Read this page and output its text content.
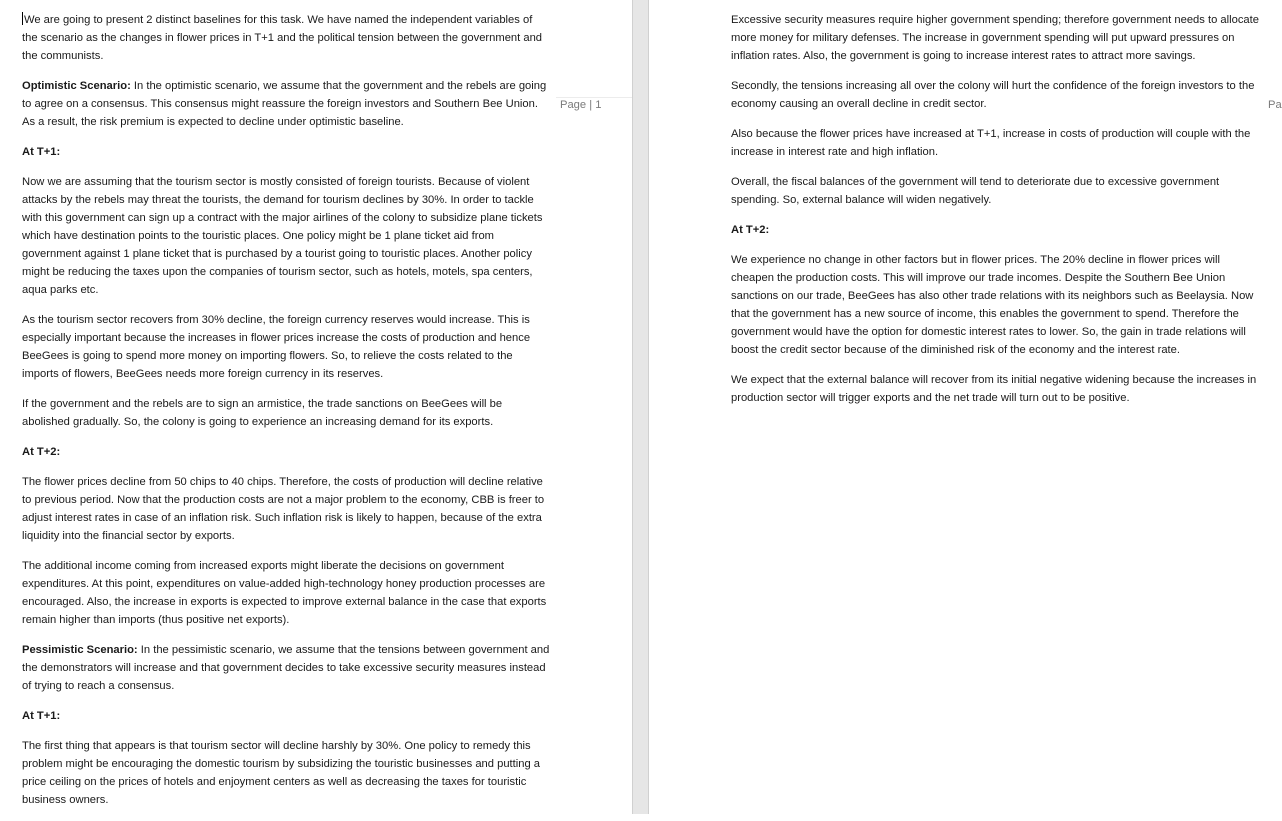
We are going to present 2 distinct baselines for this task. We have named the independent variables of the scenario as the changes in flower prices in T+1 and the political tension between the government and the communists.

Optimistic Scenario: In the optimistic scenario, we assume that the government and the rebels are going to agree on a consensus. This consensus might reassure the foreign investors and Southern Bee Union. As a result, the risk premium is expected to decline under optimistic baseline.

At T+1:

Now we are assuming that the tourism sector is mostly consisted of foreign tourists. Because of violent attacks by the rebels may threat the tourists, the demand for tourism declines by 30%. In order to tackle with this government can sign up a contract with the major airlines of the colony to subsidize plane tickets which have destination points to the touristic places. One policy might be 1 plane ticket aid from government against 1 plane ticket that is purchased by a tourist going to touristic places. Another policy might be reducing the taxes upon the companies of tourism sector, such as hotels, motels, spa centers, aqua parks etc.

As the tourism sector recovers from 30% decline, the foreign currency reserves would increase. This is especially important because the increases in flower prices increase the costs of production and hence BeeGees is going to spend more money on importing flowers. So, to relieve the costs related to the imports of flowers, BeeGees needs more foreign currency in its reserves.

If the government and the rebels are to sign an armistice, the trade sanctions on BeeGees will be abolished gradually. So, the colony is going to experience an increasing demand for its exports.

At T+2:

The flower prices decline from 50 chips to 40 chips. Therefore, the costs of production will decline relative to previous period. Now that the production costs are not a major problem to the economy, CBB is freer to adjust interest rates in case of an inflation risk. Such inflation risk is likely to happen, because of the extra liquidity into the financial sector by exports.

The additional income coming from increased exports might liberate the decisions on government expenditures. At this point, expenditures on value-added high-technology honey production processes are encouraged. Also, the increase in exports is expected to improve external balance in the case that exports remain higher than imports (thus positive net exports).

Pessimistic Scenario: In the pessimistic scenario, we assume that the tensions between government and the demonstrators will increase and that government decides to take excessive security measures instead of trying to reach a consensus.

At T+1:

The first thing that appears is that tourism sector will decline harshly by 30%. One policy to remedy this problem might be encouraging the domestic tourism by subsidizing the touristic businesses and putting a price ceiling on the prices of hotels and enjoyment centers as well as decreasing the taxes for touristic business owners.

Page | 1

Excessive security measures require higher government spending; therefore government needs to allocate more money for military defenses. The increase in government spending will put upward pressures on inflation rates. Also, the government is going to increase interest rates to attract more savings.

Secondly, the tensions increasing all over the colony will hurt the confidence of the foreign investors to the economy causing an overall decline in credit sector.

Also because the flower prices have increased at T+1, increase in costs of production will couple with the increase in interest rate and high inflation.

Overall, the fiscal balances of the government will tend to deteriorate due to excessive government spending. So, external balance will widen negatively.

At T+2:

We experience no change in other factors but in flower prices. The 20% decline in flower prices will cheapen the production costs. This will improve our trade incomes. Despite the Southern Bee Union sanctions on our trade, BeeGees has also other trade relations with its neighbors such as Beelaysia. Now that the government has a new source of income, this enables the government to spend. Therefore the government would have the option for domestic interest rates to lower. So, the gain in trade relations will boost the credit sector because of the diminished risk of the economy and the interest rate.

We expect that the external balance will recover from its initial negative widening because the increases in production sector will trigger exports and the net trade will turn out to be positive.

Pa
